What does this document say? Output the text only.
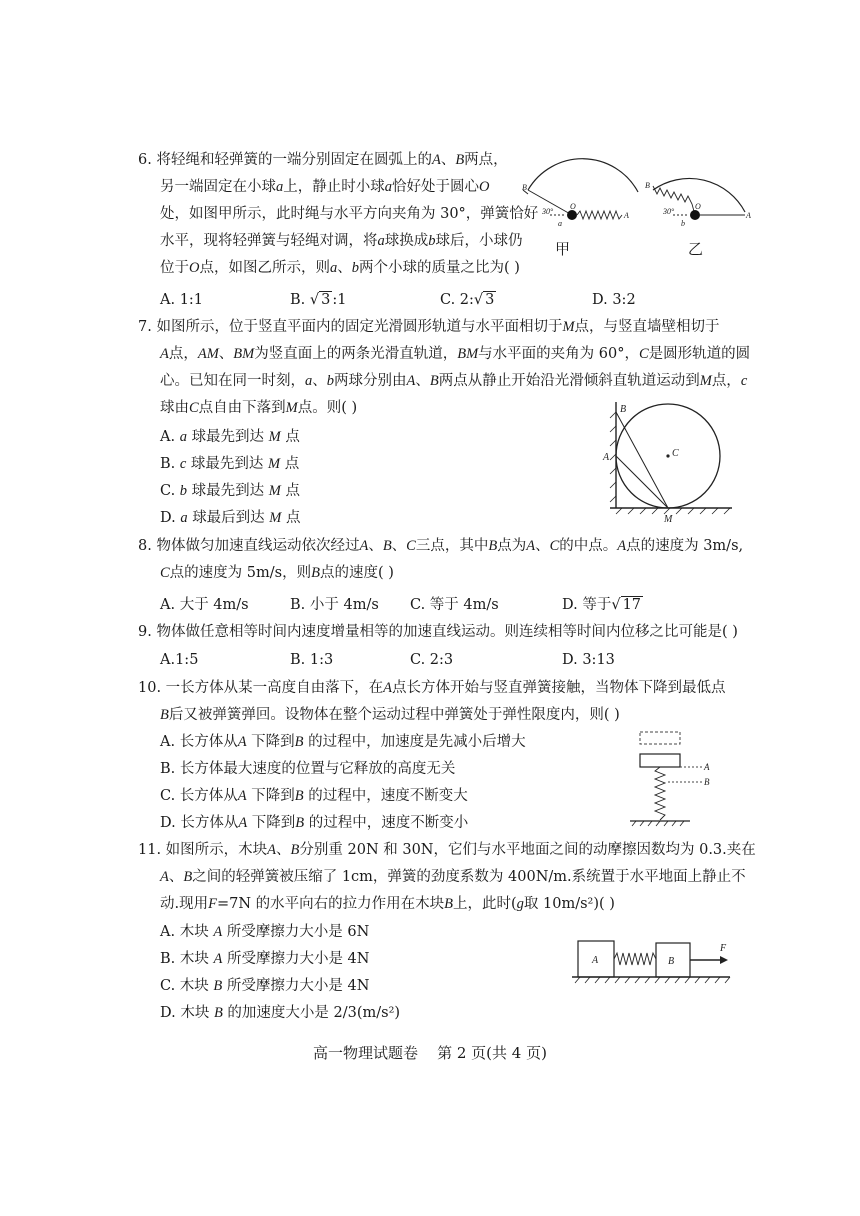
6. 将轻绳和轻弹簧的一端分别固定在圆弧上的A、B两点，
另一端固定在小球a上，静止时小球a恰好处于圆心O
处，如图甲所示，此时绳与水平方向夹角为 30°，弹簧恰好
水平，现将轻弹簧与轻绳对调，将a球换成b球后，小球仍
位于O点，如图乙所示，则a、b两个小球的质量之比为( )
B
O
A
30°
a
甲
B
O
A
30°
b
乙
A. 1:1	B. √ 3 :1	C. 2:√ 3	D. 3:2
7. 如图所示，位于竖直平面内的固定光滑圆形轨道与水平面相切于M点，与竖直墙壁相切于
A点，AM、BM为竖直面上的两条光滑直轨道，BM与水平面的夹角为 60°，C是圆形轨道的圆
心。已知在同一时刻，a、b两球分别由A、B两点从静止开始沿光滑倾斜直轨道运动到M点，c
球由C点自由下落到M点。则( )
A. a 球最先到达 M 点
B. c 球最先到达 M 点
C. b 球最先到达 M 点
D. a 球最后到达 M 点
B
A	C
M
8. 物体做匀加速直线运动依次经过A、B、C三点，其中B点为A、C的中点。A点的速度为 3m/s,
C点的速度为 5m/s，则B点的速度( )
A. 大于 4m/s	B. 小于 4m/s C. 等于 4m/s	D. 等于√ 17
9. 物体做任意相等时间内速度增量相等的加速直线运动。则连续相等时间内位移之比可能是( )
A.1:5	B. 1:3	C. 2:3	D. 3:13
10. 一长方体从某一高度自由落下，在A点长方体开始与竖直弹簧接触，当物体下降到最低点
B后又被弹簧弹回。设物体在整个运动过程中弹簧处于弹性限度内，则( )
A. 长方体从A 下降到B 的过程中，加速度是先减小后增大
B. 长方体最大速度的位置与它释放的高度无关
C. 长方体从A 下降到B 的过程中，速度不断变大
D. 长方体从A 下降到B 的过程中，速度不断变小
A
B
11. 如图所示，木块A、B分别重 20N 和 30N，它们与水平地面之间的动摩擦因数均为 0.3.夹在
A、B之间的轻弹簧被压缩了 1cm，弹簧的劲度系数为 400N/m.系统置于水平地面上静止不
动.现用F=7N 的水平向右的拉力作用在木块B上，此时(g取 10m/s²)( )
A. 木块 A 所受摩擦力大小是 6N
B. 木块 A 所受摩擦力大小是 4N
C. 木块 B 所受摩擦力大小是 4N
D. 木块 B 的加速度大小是 2/3(m/s²)
A	B
F
高一物理试题卷    第 2 页(共 4 页)
